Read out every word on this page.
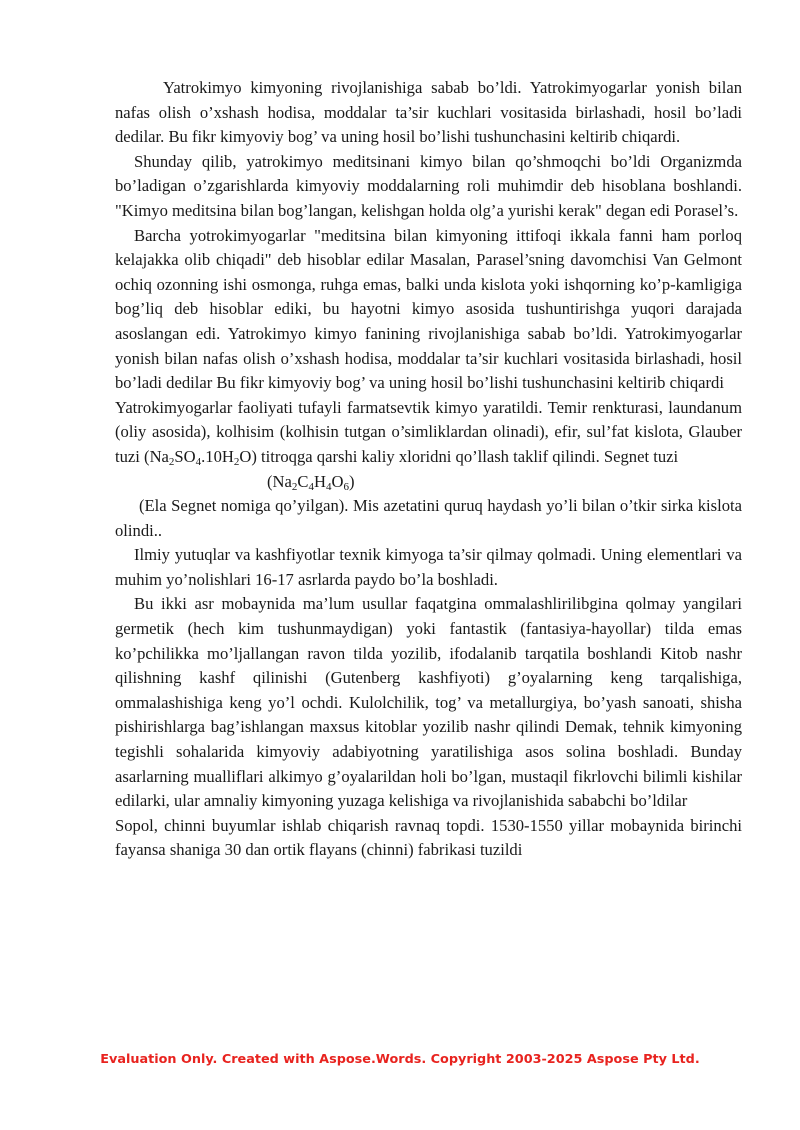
Yatrokimyo kimyoning rivojlanishiga sabab bo’ldi. Yatrokimyogarlar yonish bilan nafas olish o’xshash hodisa, moddalar ta’sir kuchlari vositasida birlashadi, hosil bo’ladi dedilar. Bu fikr kimyoviy bog’ va uning hosil bo’lishi tushunchasini keltirib chiqardi.

Shunday qilib, yatrokimyo meditsinani kimyo bilan qo’shmoqchi bo’ldi Organizmda bo’ladigan o’zgarishlarda kimyoviy moddalarning roli muhimdir deb hisoblana boshlandi. "Kimyo meditsina bilan bog’langan, kelishgan holda olg’a yurishi kerak" degan edi Porasel’s.

Barcha yotrokimyogarlar "meditsina bilan kimyoning ittifoqi ikkala fanni ham porloq kelajakka olib chiqadi" deb hisoblar edilar Masalan, Parasel’sning davomchisi Van Gelmont ochiq ozonning ishi osmonga, ruhga emas, balki unda kislota yoki ishqorning ko’p-kamligiga bog’liq deb hisoblar ediki, bu hayotni kimyo asosida tushuntirishga yuqori darajada asoslangan edi. Yatrokimyo kimyo fanining rivojlanishiga sabab bo’ldi. Yatrokimyogarlar yonish bilan nafas olish o’xshash hodisa, moddalar ta’sir kuchlari vositasida birlashadi, hosil bo’ladi dedilar Bu fikr kimyoviy bog’ va uning hosil bo’lishi tushunchasini keltirib chiqardi

Yatrokimyogarlar faoliyati tufayli farmatsevtik kimyo yaratildi. Temir renkturasi, laundanum (oliy asosida), kolhisim (kolhisin tutgan o’simliklardan olinadi), efir, sul’fat kislota, Glauber tuzi $(Na_2SO_4.10H_2O)$ titroqga qarshi kaliy xloridni qo’llash taklif qilindi. Segnet tuzi

$(Na_2C_4H_4O_6)$

(Ela Segnet nomiga qo’yilgan). Mis azetatini quruq haydash yo’li bilan o’tkir sirka kislota olindi..

Ilmiy yutuqlar va kashfiyotlar texnik kimyoga ta’sir qilmay qolmadi. Uning elementlari va muhim yo’nolishlari 16-17 asrlarda paydo bo’la boshladi.

Bu ikki asr mobaynida ma’lum usullar faqatgina ommalashlirilibgina qolmay yangilari germetik (hech kim tushunmaydigan) yoki fantastik (fantasiya-hayollar) tilda emas ko’pchilikka mo’ljallangan ravon tilda yozilib, ifodalanib tarqatila boshlandi Kitob nashr qilishning kashf qilinishi (Gutenberg kashfiyoti) g’oyalarning keng tarqalishiga, ommalashishiga keng yo’l ochdi. Kulolchilik, tog’ va metallurgiya, bo’yash sanoati, shisha pishirishlarga bag’ishlangan maxsus kitoblar yozilib nashr qilindi Demak, tehnik kimyoning tegishli sohalarida kimyoviy adabiyotning yaratilishiga asos solina boshladi. Bunday asarlarning mualliflari alkimyo g’oyalarildan holi bo’lgan, mustaqil fikrlovchi bilimli kishilar edilarki, ular amnaliy kimyoning yuzaga kelishiga va rivojlanishida sababchi bo’ldilar

Sopol, chinni buyumlar ishlab chiqarish ravnaq topdi. 1530-1550 yillar mobaynida birinchi fayansa shaniga 30 dan ortik flayans (chinni) fabrikasi tuzildi

Evaluation Only. Created with Aspose.Words. Copyright 2003-2025 Aspose Pty Ltd.
